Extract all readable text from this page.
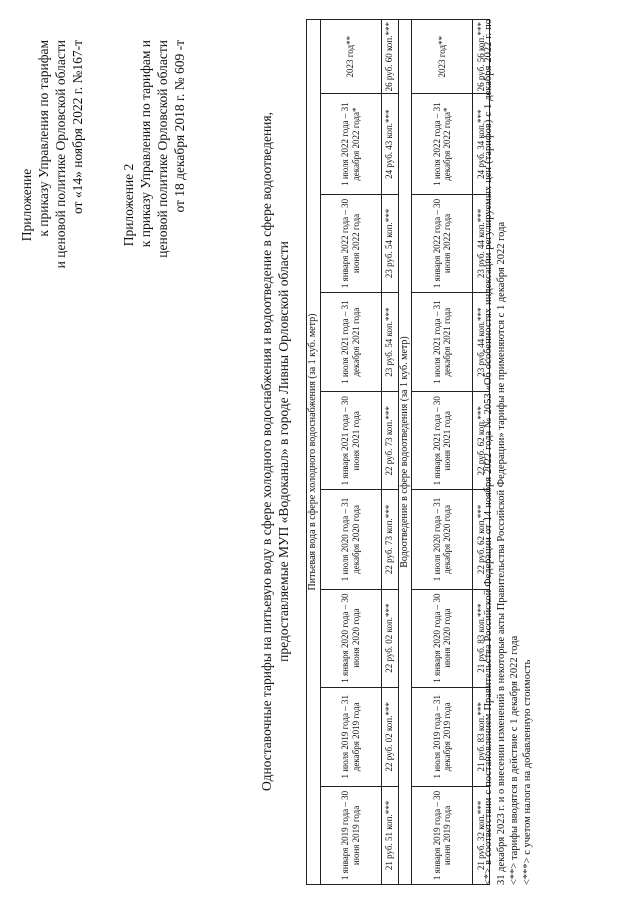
Приложение к приказу Управления по тарифам и ценовой политике Орловской области от «14» ноября 2022 г. №167-т	Приложение 2 к приказу Управления по тарифам и ценовой политике Орловской области от 18 декабря 2018 г. № 609 -т	Одноставочные тарифы на питьевую воду в сфере холодного водоснабжения и водоотведение в сфере водоотведения, предоставляемые МУП «Водоканал» в городе Ливны Орловской области Питьевая вода в сфере холодного водоснабжения (за 1 куб. метр)								
1 января 2019 года – 30 июня 2019 года	1 июля 2019 года – 31 декабря 2019 года	1 января 2020 года – 30 июня 2020 года	1 июля 2020 года – 31 декабря 2020 года	1 января 2021 года – 30 июня 2021 года	1 июля 2021 года – 31 декабря 2021 года	1 января 2022 года – 30 июня 2022 года	1 июля 2022 года – 31 декабря 2022 года*	2023 год**
21 руб. 51 коп.***	22 руб. 02 коп.***	22 руб. 02 коп.***	22 руб. 73 коп.***	22 руб. 73 коп.***	23 руб. 54 коп.***	23 руб. 54 коп.***	24 руб. 43 коп.***	26 руб. 60 коп.***
Водоотведение в сфере водоотведения (за 1 куб. метр)								
1 января 2019 года – 30 июня 2019 года	1 июля 2019 года – 31 декабря 2019 года	1 января 2020 года – 30 июня 2020 года	1 июля 2020 года – 31 декабря 2020 года	1 января 2021 года – 30 июня 2021 года	1 июля 2021 года – 31 декабря 2021 года	1 января 2022 года – 30 июня 2022 года	1 июля 2022 года – 31 декабря 2022 года*	2023 год**
21 руб. 32 коп.***	21 руб. 83 коп.***	21 руб. 83 коп.***	22 руб. 62 коп.***	22 руб. 62 коп.***	23 руб. 44 коп.***	23 руб. 44 коп.***	24 руб. 34 коп.***	26 руб. 56 коп.***

<*> в соответствии с постановлением Правительства Российской Федерации от 14 ноября 2022 года № 2053 «Об особенностях индексации регулируемых цен (тарифов) с 1 декабря 2022 г. по 31 декабря 2023 г. и о внесении изменений в некоторые акты Правительства Российской Федерации» тарифы не применяются с 1 декабря 2022 года <**> тарифы вводятся в действие с 1 декабря 2022 года <***> с учетом налога на добавленную стоимость
